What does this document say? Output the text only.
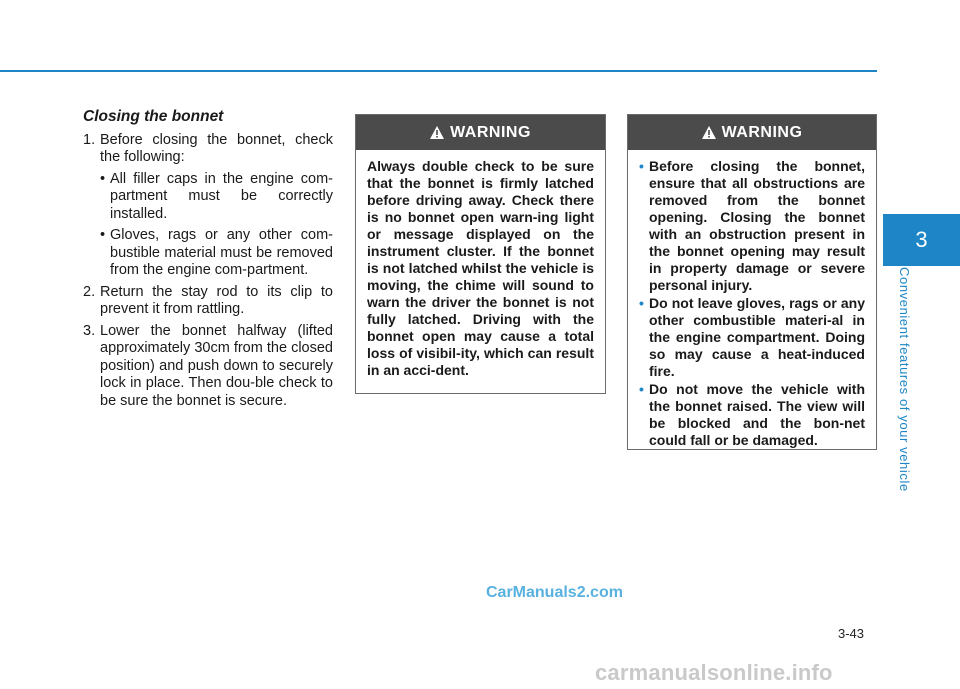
3
Convenient features of your vehicle
Closing the bonnet
1. Before closing the bonnet, check the following:
• All filler caps in the engine com-partment must be correctly installed.
• Gloves, rags or any other com-bustible material must be removed from the engine com-partment.
2. Return the stay rod to its clip to prevent it from rattling.
3. Lower the bonnet halfway (lifted approximately 30cm from the closed position) and push down to securely lock in place. Then dou-ble check to be sure the bonnet is secure.
WARNING
Always double check to be sure that the bonnet is firmly latched before driving away. Check there is no bonnet open warn-ing light or message displayed on the instrument cluster. If the bonnet is not latched whilst the vehicle is moving, the chime will sound to warn the driver the bonnet is not fully latched. Driving with the bonnet open may cause a total loss of visibil-ity, which can result in an acci-dent.
WARNING
• Before closing the bonnet, ensure that all obstructions are removed from the bonnet opening. Closing the bonnet with an obstruction present in the bonnet opening may result in property damage or severe personal injury.
• Do not leave gloves, rags or any other combustible materi-al in the engine compartment. Doing so may cause a heat-induced fire.
• Do not move the vehicle with the bonnet raised. The view will be blocked and the bon-net could fall or be damaged.
3-43
CarManuals2.com
carmanualsonline.info
